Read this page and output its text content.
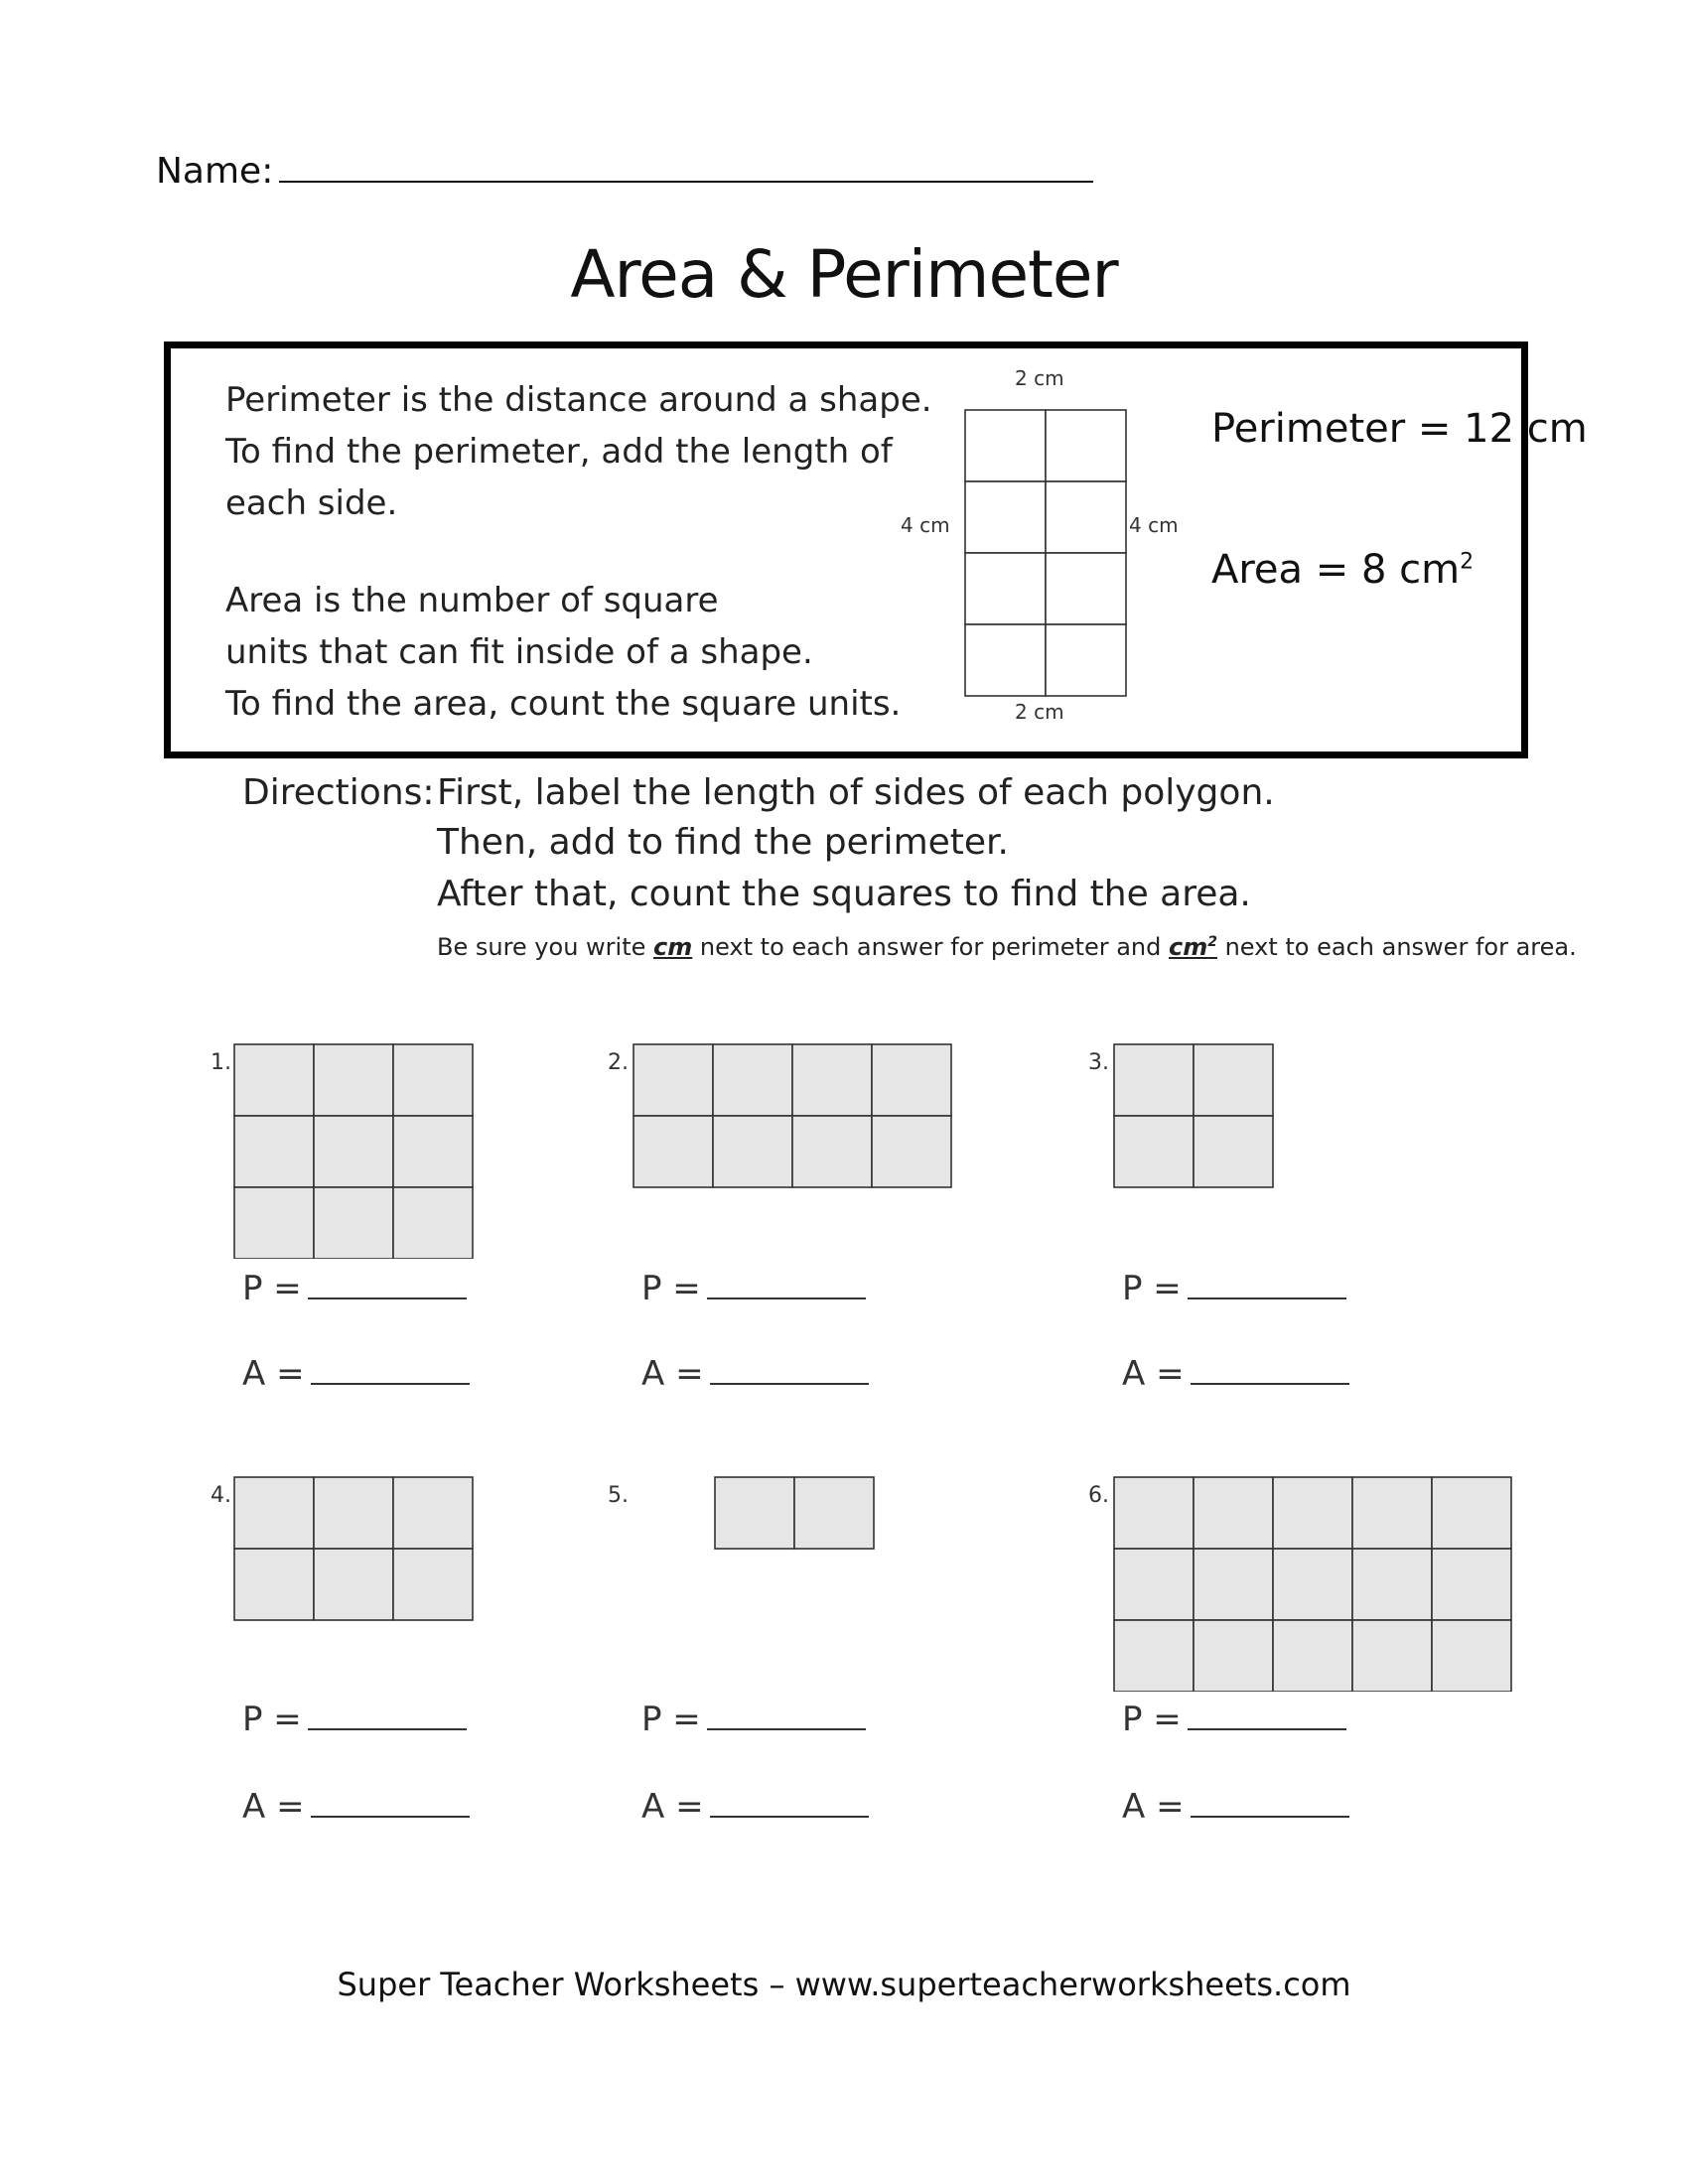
Name:
Area & Perimeter
Perimeter is the distance around a shape.
To find the perimeter, add the length of
each side.
Area is the number of square
units that can fit inside of a shape.
To find the area, count the square units.
2 cm
2 cm
4 cm	4 cm
Perimeter = 12 cm
Area = 8 $cm^2$
Directions: First, label the length of sides of each polygon.
Then, add to find the perimeter.
After that, count the squares to find the area.
Be sure you write cm next to each answer for perimeter and $cm^2$ next to each answer for area.
1.
P =
A =
2.
P =
A =
3.
P =
A =
4.
P =
A =
5.
P =
A =
6.
P =
A =
Super Teacher Worksheets – www.superteacherworksheets.com
